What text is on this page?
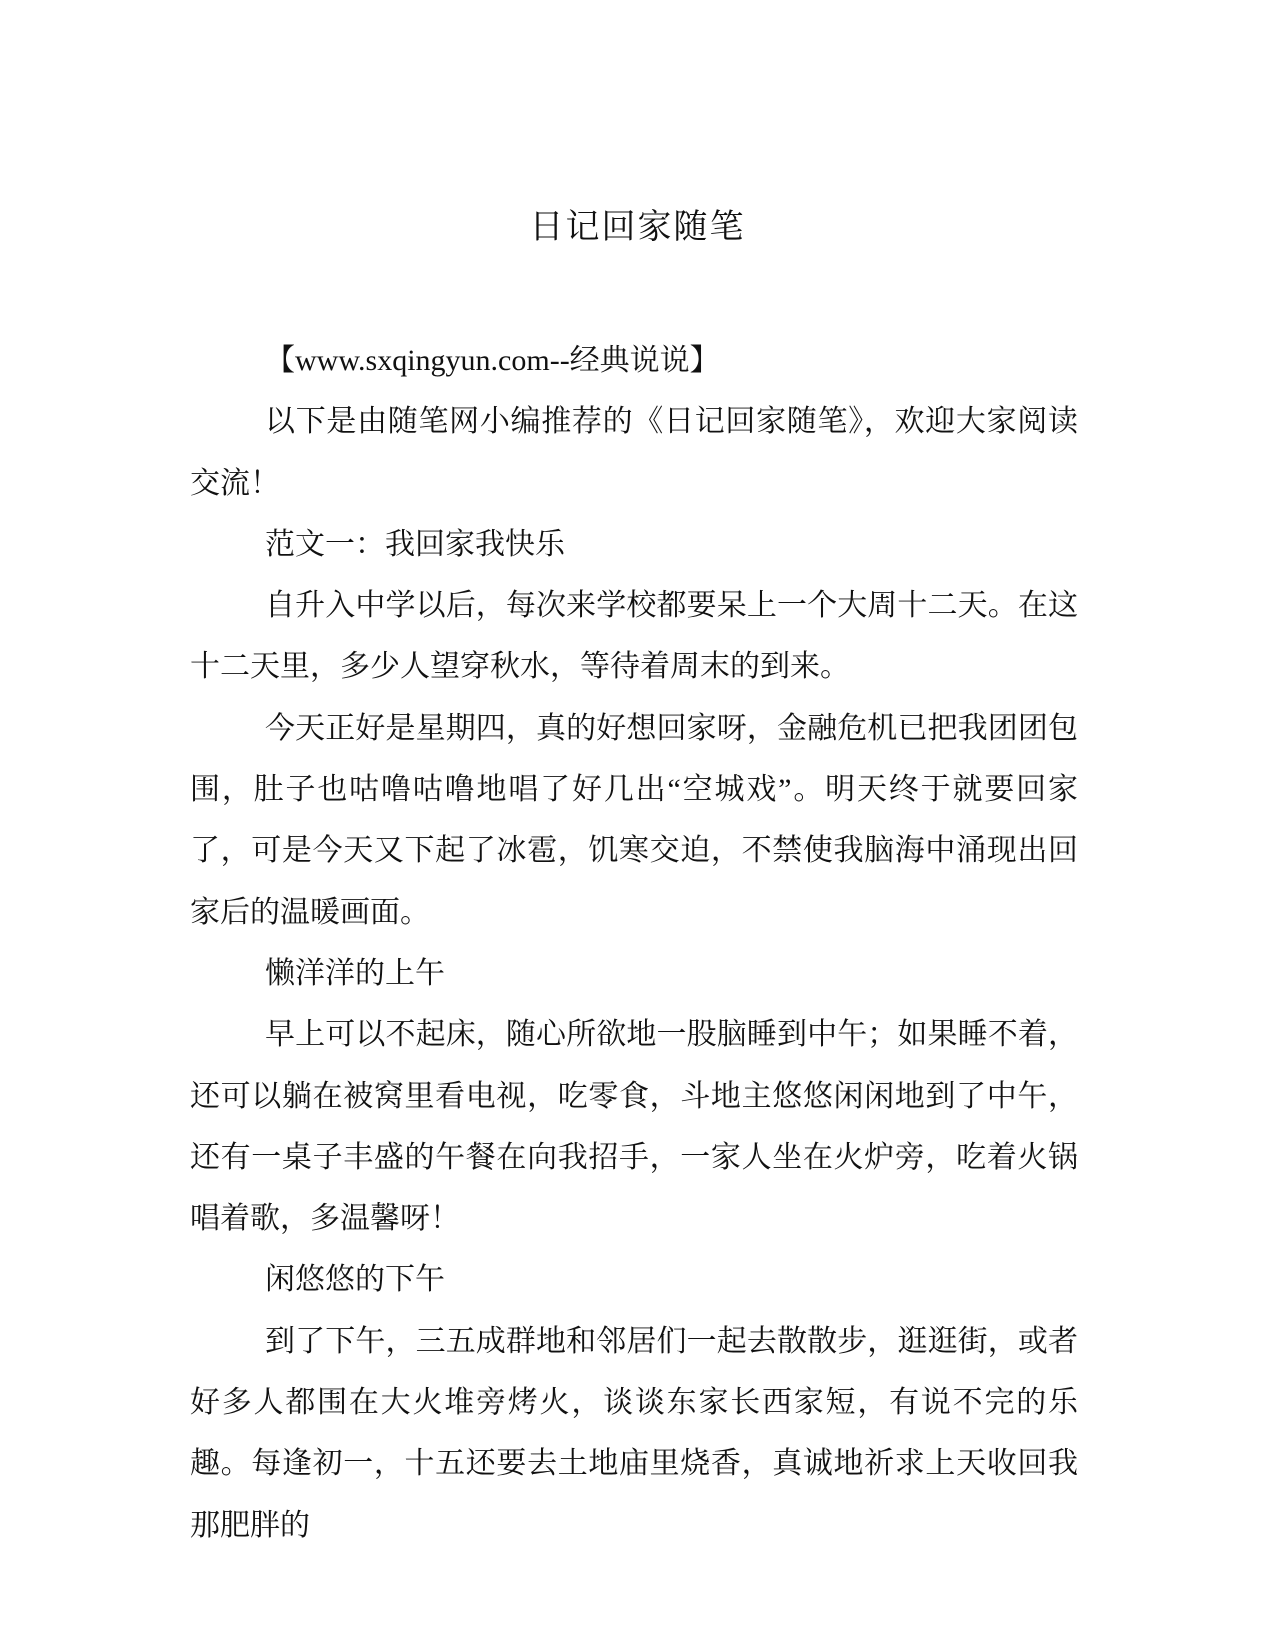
日记回家随笔

【www.sxqingyun.com--经典说说】

以下是由随笔网小编推荐的《日记回家随笔》，欢迎大家阅读交流！

范文一：我回家我快乐

自升入中学以后，每次来学校都要呆上一个大周十二天。在这十二天里，多少人望穿秋水，等待着周末的到来。

今天正好是星期四，真的好想回家呀，金融危机已把我团团包围，肚子也咕噜咕噜地唱了好几出“空城戏”。明天终于就要回家了，可是今天又下起了冰雹，饥寒交迫，不禁使我脑海中涌现出回家后的温暖画面。

懒洋洋的上午

早上可以不起床，随心所欲地一股脑睡到中午；如果睡不着，还可以躺在被窝里看电视，吃零食，斗地主悠悠闲闲地到了中午，还有一桌子丰盛的午餐在向我招手，一家人坐在火炉旁，吃着火锅唱着歌，多温馨呀！

闲悠悠的下午

到了下午，三五成群地和邻居们一起去散散步，逛逛街，或者好多人都围在大火堆旁烤火，谈谈东家长西家短，有说不完的乐趣。每逢初一，十五还要去土地庙里烧香，真诚地祈求上天收回我那肥胖的
